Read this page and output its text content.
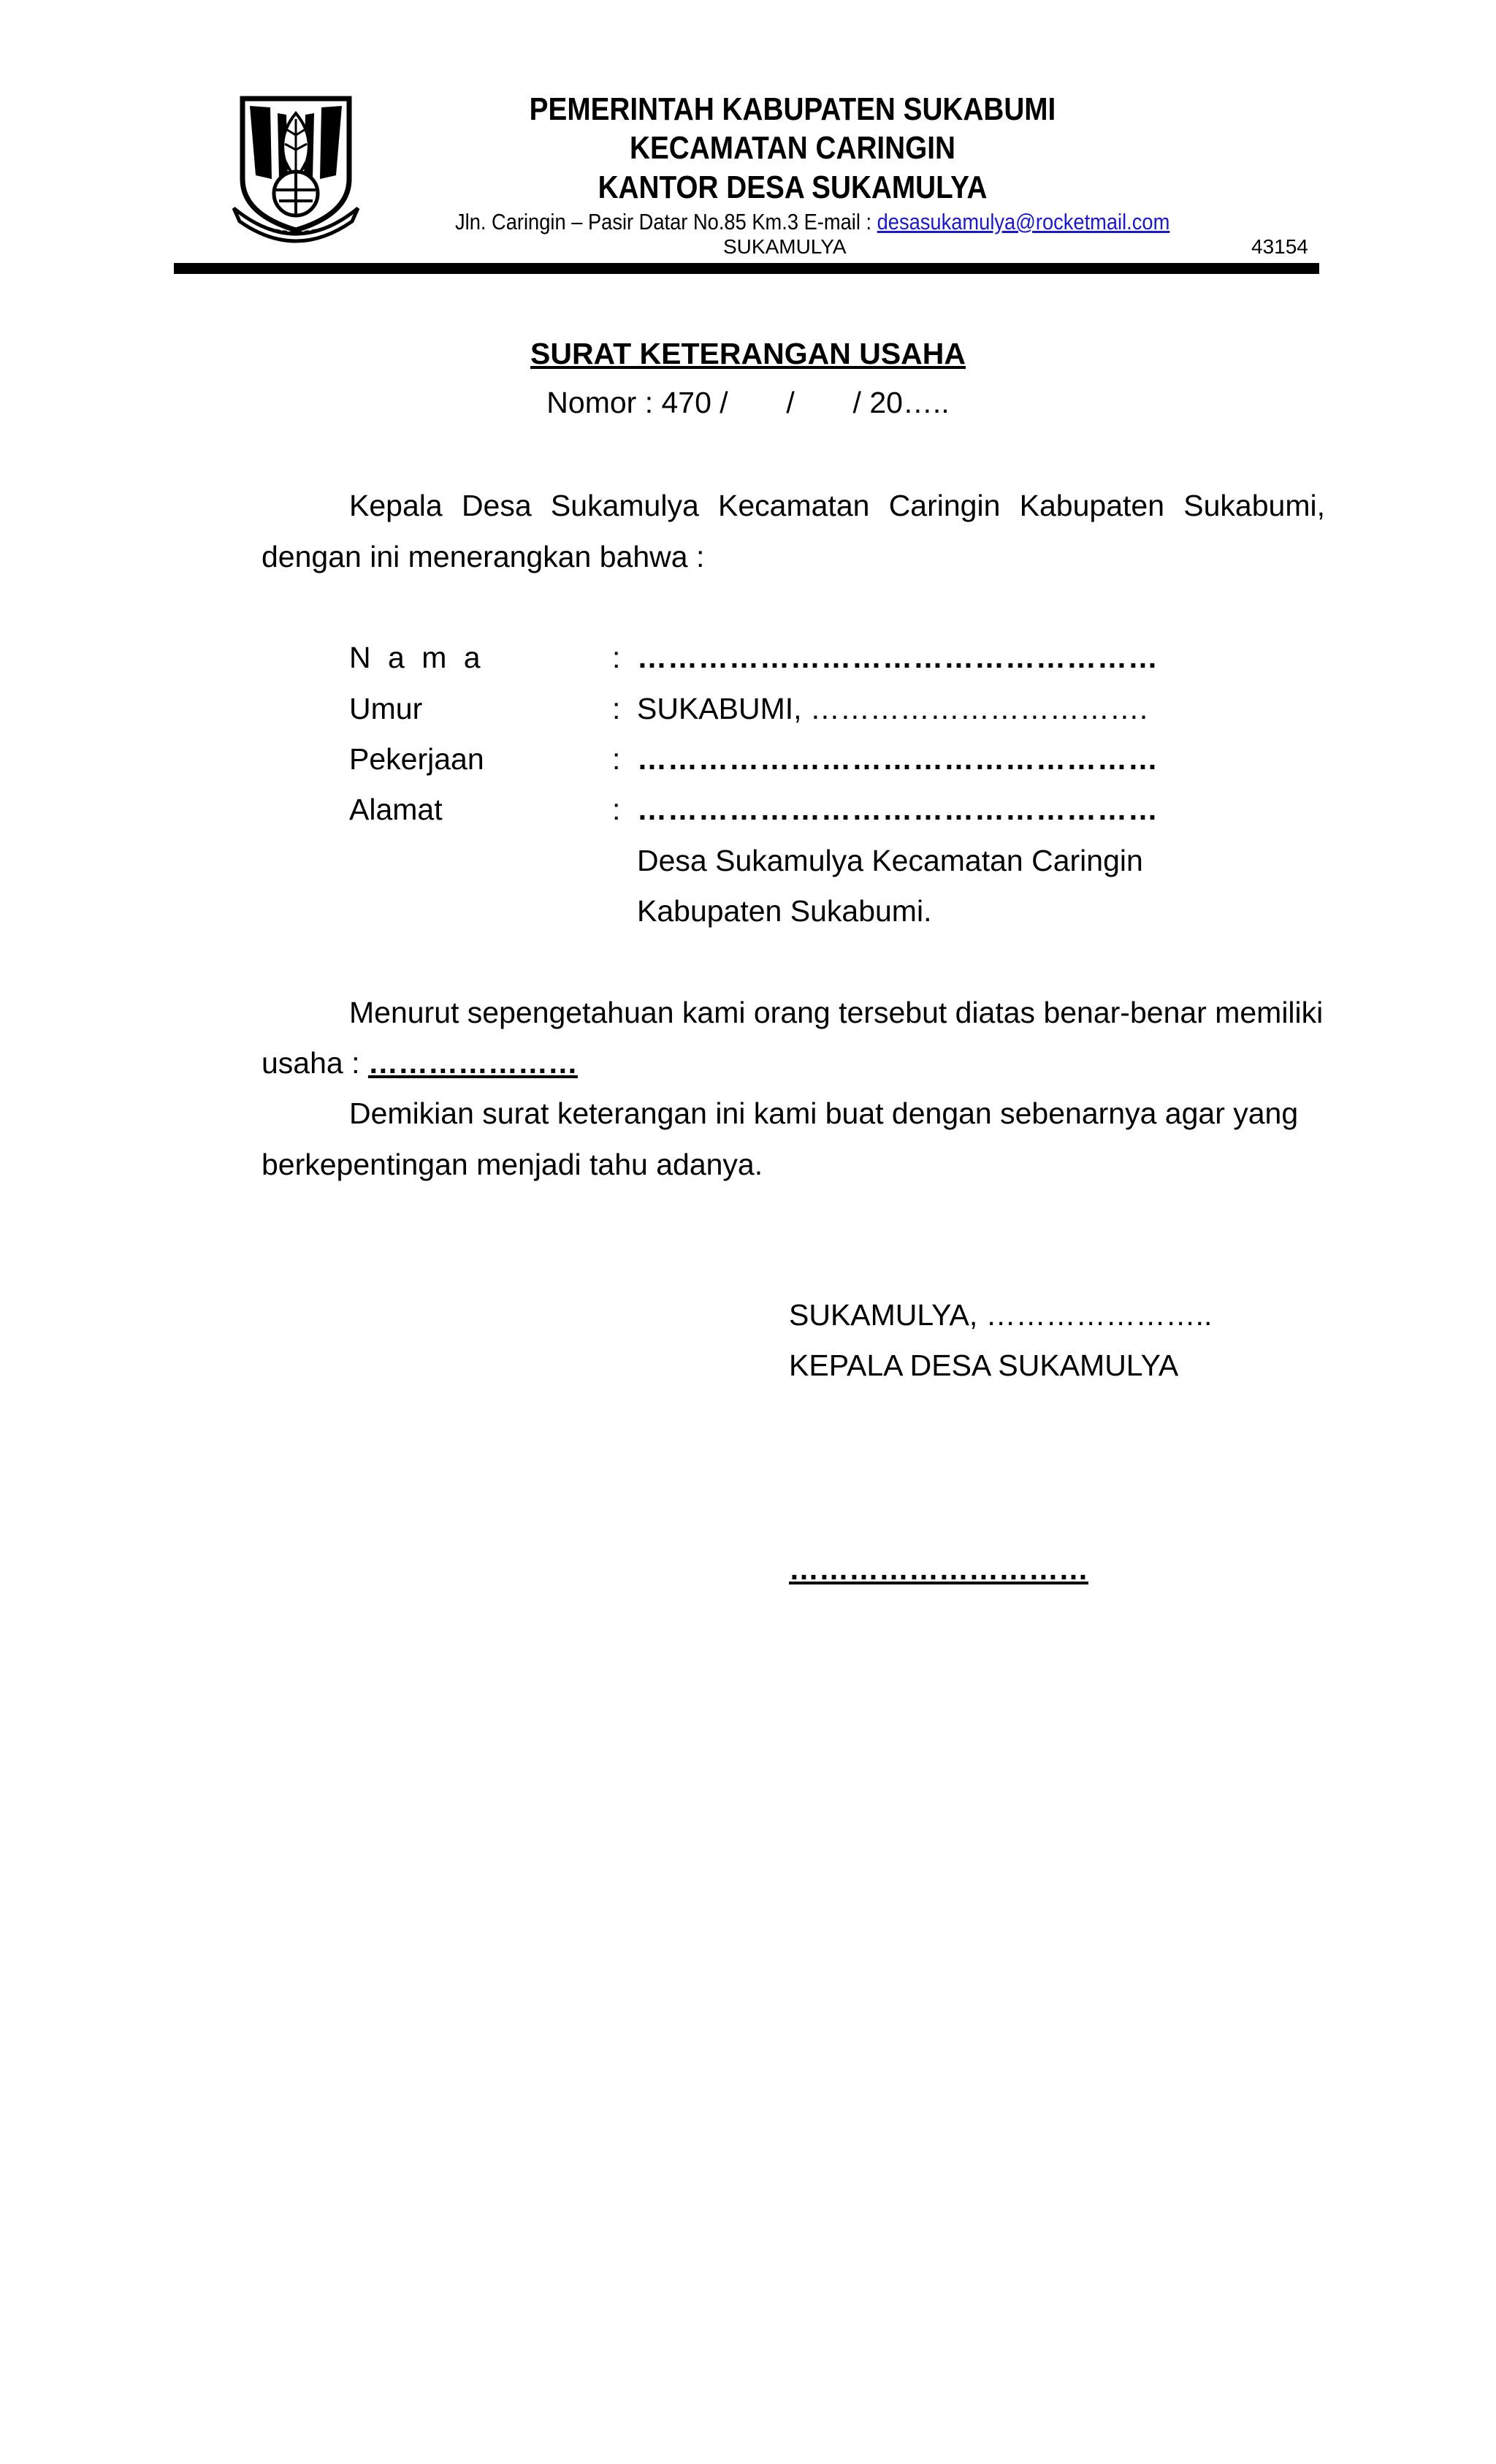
PEMERINTAH KABUPATEN SUKABUMI
KECAMATAN CARINGIN
KANTOR DESA SUKAMULYA
Jln. Caringin – Pasir Datar No.85 Km.3 E-mail : desasukamulya@rocketmail.com
SUKAMULYA	43154
SURAT KETERANGAN USAHA
Nomor : 470 /       /       / 20…..
Kepala Desa Sukamulya Kecamatan Caringin Kabupaten Sukabumi,
dengan ini menerangkan bahwa :
N a m a	: ……………………………………………
Umur	: SUKABUMI, …………………………….
Pekerjaan	: ……………………………………………
Alamat	: ……………………………………………
Desa Sukamulya Kecamatan Caringin
Kabupaten Sukabumi.
Menurut sepengetahuan kami orang tersebut diatas benar-benar memiliki
usaha : …………………
Demikian surat keterangan ini kami buat dengan sebenarnya agar yang
berkepentingan menjadi tahu adanya.
SUKAMULYA, …………………..
KEPALA DESA SUKAMULYA
…………………………
